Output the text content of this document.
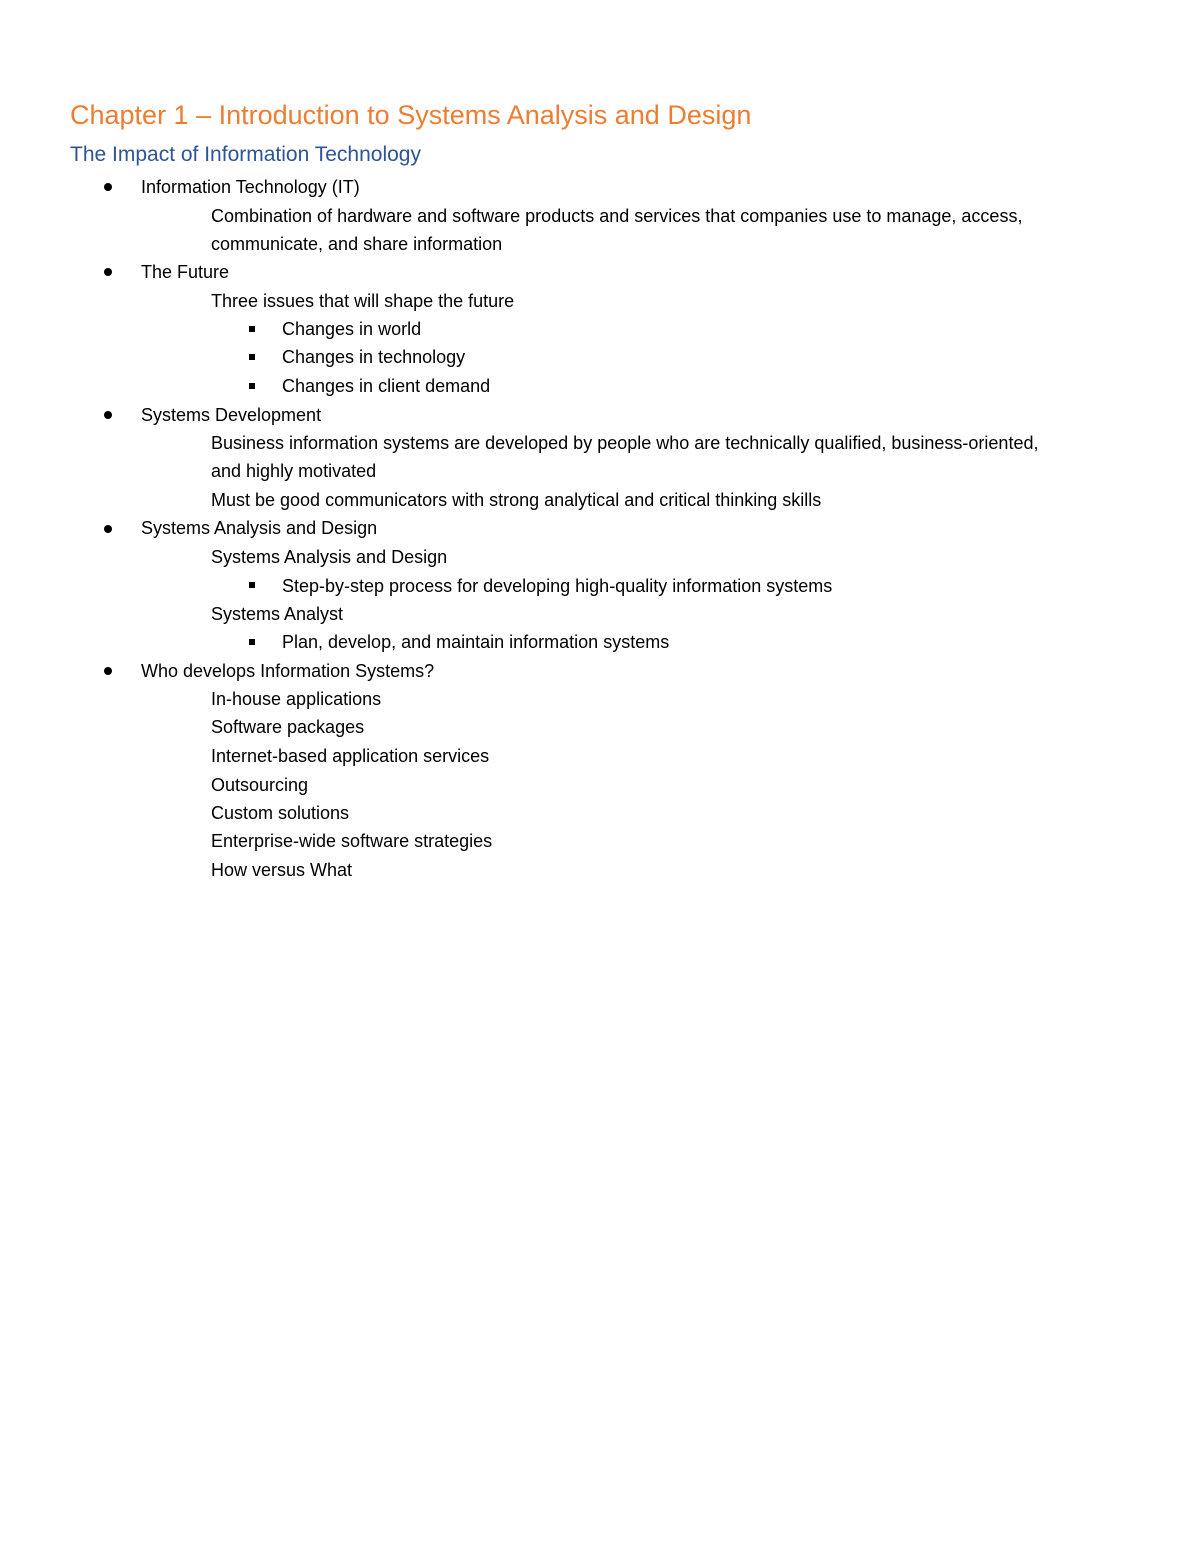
Chapter 1 – Introduction to Systems Analysis and Design
The Impact of Information Technology
Information Technology (IT)
Combination of hardware and software products and services that companies use to manage, access,
communicate, and share information
The Future
Three issues that will shape the future
Changes in world
Changes in technology
Changes in client demand
Systems Development
Business information systems are developed by people who are technically qualified, business-oriented,
and highly motivated
Must be good communicators with strong analytical and critical thinking skills
Systems Analysis and Design
Systems Analysis and Design
Step-by-step process for developing high-quality information systems
Systems Analyst
Plan, develop, and maintain information systems
Who develops Information Systems?
In-house applications
Software packages
Internet-based application services
Outsourcing
Custom solutions
Enterprise-wide software strategies
How versus What
